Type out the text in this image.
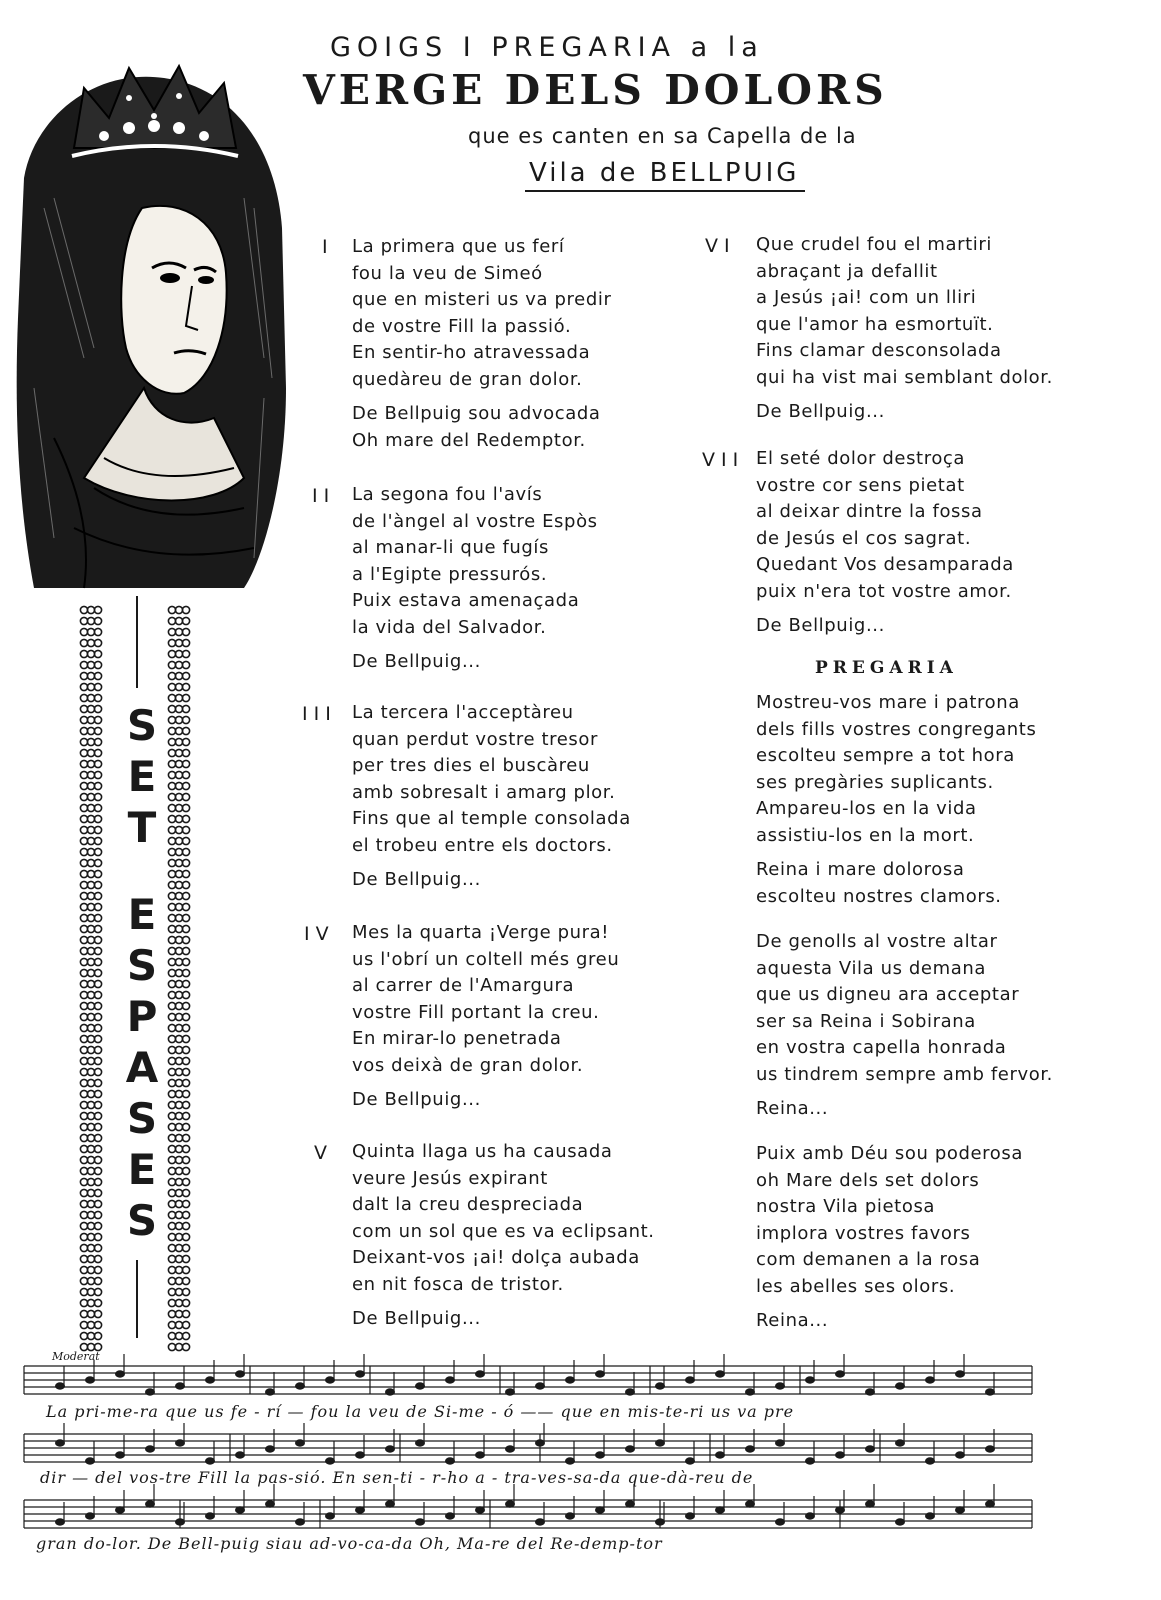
GOIGS I PREGARIA a la
VERGE DELS DOLORS
que es canten en sa Capella de la
Vila de BELLPUIG
S
E
T
E
S
P
A
S
E
S
I La primera que us ferí
fou la veu de Simeó
que en misteri us va predir
de vostre Fill la passió.
En sentir-ho atravessada
quedàreu de gran dolor.
De Bellpuig sou advocada
Oh mare del Redemptor.
II La segona fou l'avís
de l'àngel al vostre Espòs
al manar-li que fugís
a l'Egipte pressurós.
Puix estava amenaçada
la vida del Salvador.
De Bellpuig...
III La tercera l'acceptàreu
quan perdut vostre tresor
per tres dies el buscàreu
amb sobresalt i amarg plor.
Fins que al temple consolada
el trobeu entre els doctors.
De Bellpuig...
IV Mes la quarta ¡Verge pura!
us l'obrí un coltell més greu
al carrer de l'Amargura
vostre Fill portant la creu.
En mirar-lo penetrada
vos deixà de gran dolor.
De Bellpuig...
V Quinta llaga us ha causada
veure Jesús expirant
dalt la creu despreciada
com un sol que es va eclipsant.
Deixant-vos ¡ai! dolça aubada
en nit fosca de tristor.
De Bellpuig...
VI Que crudel fou el martiri
abraçant ja defallit
a Jesús ¡ai! com un lliri
que l'amor ha esmortuït.
Fins clamar desconsolada
qui ha vist mai semblant dolor.
De Bellpuig...
VII El seté dolor destroça
vostre cor sens pietat
al deixar dintre la fossa
de Jesús el cos sagrat.
Quedant Vos desamparada
puix n'era tot vostre amor.
De Bellpuig...
PREGARIA
Mostreu-vos mare i patrona
dels fills vostres congregants
escolteu sempre a tot hora
ses pregàries suplicants.
Ampareu-los en la vida
assistiu-los en la mort.
Reina i mare dolorosa
escolteu nostres clamors.
De genolls al vostre altar
aquesta Vila us demana
que us digneu ara acceptar
ser sa Reina i Sobirana
en vostra capella honrada
us tindrem sempre amb fervor.
Reina...
Puix amb Déu sou poderosa
oh Mare dels set dolors
nostra Vila pietosa
implora vostres favors
com demanen a la rosa
les abelles ses olors.
Reina...
Moderat
La pri-me-ra que us fe - rí — fou la veu de Si-me - ó —— que en mis-te-ri us va pre
dir — del vos-tre Fill la pas-sió. En sen-ti - r-ho a - tra-ves-sa-da que-dà-reu de
gran do-lor. De Bell-puig siau ad-vo-ca-da Oh, Ma-re del Re-demp-tor
